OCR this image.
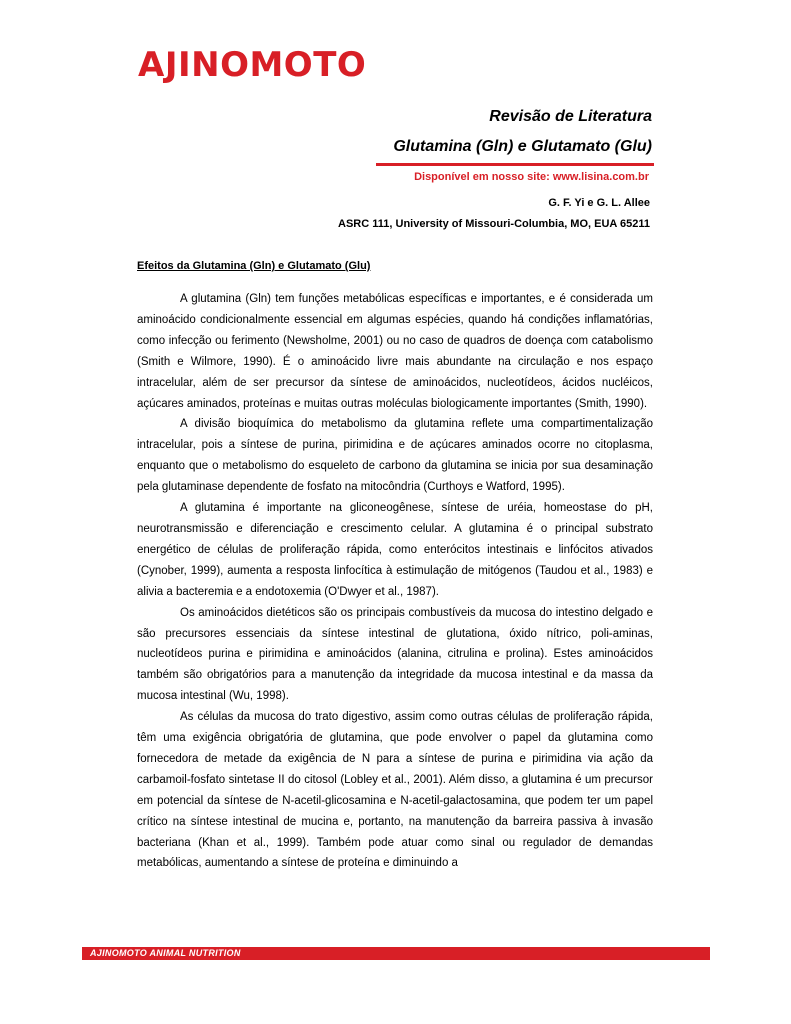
AJINOMOTO
Revisão de Literatura
Glutamina (Gln) e Glutamato (Glu)
Disponível em nosso site: www.lisina.com.br
G. F. Yi e G. L. Allee
ASRC 111, University of Missouri-Columbia, MO, EUA 65211
Efeitos da Glutamina (Gln) e Glutamato (Glu)

A glutamina (Gln) tem funções metabólicas específicas e importantes, e é considerada um aminoácido condicionalmente essencial em algumas espécies, quando há condições inflamatórias, como infecção ou ferimento (Newsholme, 2001) ou no caso de quadros de doença com catabolismo (Smith e Wilmore, 1990). É o aminoácido livre mais abundante na circulação e nos espaço intracelular, além de ser precursor da síntese de aminoácidos, nucleotídeos, ácidos nucléicos, açúcares aminados, proteínas e muitas outras moléculas biologicamente importantes (Smith, 1990).

A divisão bioquímica do metabolismo da glutamina reflete uma compartimentalização intracelular, pois a síntese de purina, pirimidina e de açúcares aminados ocorre no citoplasma, enquanto que o metabolismo do esqueleto de carbono da glutamina se inicia por sua desaminação pela glutaminase dependente de fosfato na mitocôndria (Curthoys e Watford, 1995).

A glutamina é importante na gliconeogênese, síntese de uréia, homeostase do pH, neurotransmissão e diferenciação e crescimento celular. A glutamina é o principal substrato energético de células de proliferação rápida, como enterócitos intestinais e linfócitos ativados (Cynober, 1999), aumenta a resposta linfocítica à estimulação de mitógenos (Taudou et al., 1983) e alivia a bacteremia e a endotoxemia (O'Dwyer et al., 1987).

Os aminoácidos dietéticos são os principais combustíveis da mucosa do intestino delgado e são precursores essenciais da síntese intestinal de glutationa, óxido nítrico, poli-aminas, nucleotídeos purina e pirimidina e aminoácidos (alanina, citrulina e prolina). Estes aminoácidos também são obrigatórios para a manutenção da integridade da mucosa intestinal e da massa da mucosa intestinal (Wu, 1998).

As células da mucosa do trato digestivo, assim como outras células de proliferação rápida, têm uma exigência obrigatória de glutamina, que pode envolver o papel da glutamina como fornecedora de metade da exigência de N para a síntese de purina e pirimidina via ação da carbamoil-fosfato sintetase II do citosol (Lobley et al., 2001). Além disso, a glutamina é um precursor em potencial da síntese de N-acetil-glicosamina e N-acetil-galactosamina, que podem ter um papel crítico na síntese intestinal de mucina e, portanto, na manutenção da barreira passiva à invasão bacteriana (Khan et al., 1999). Também pode atuar como sinal ou regulador de demandas metabólicas, aumentando a síntese de proteína e diminuindo a

AJINOMOTO ANIMAL NUTRITION
